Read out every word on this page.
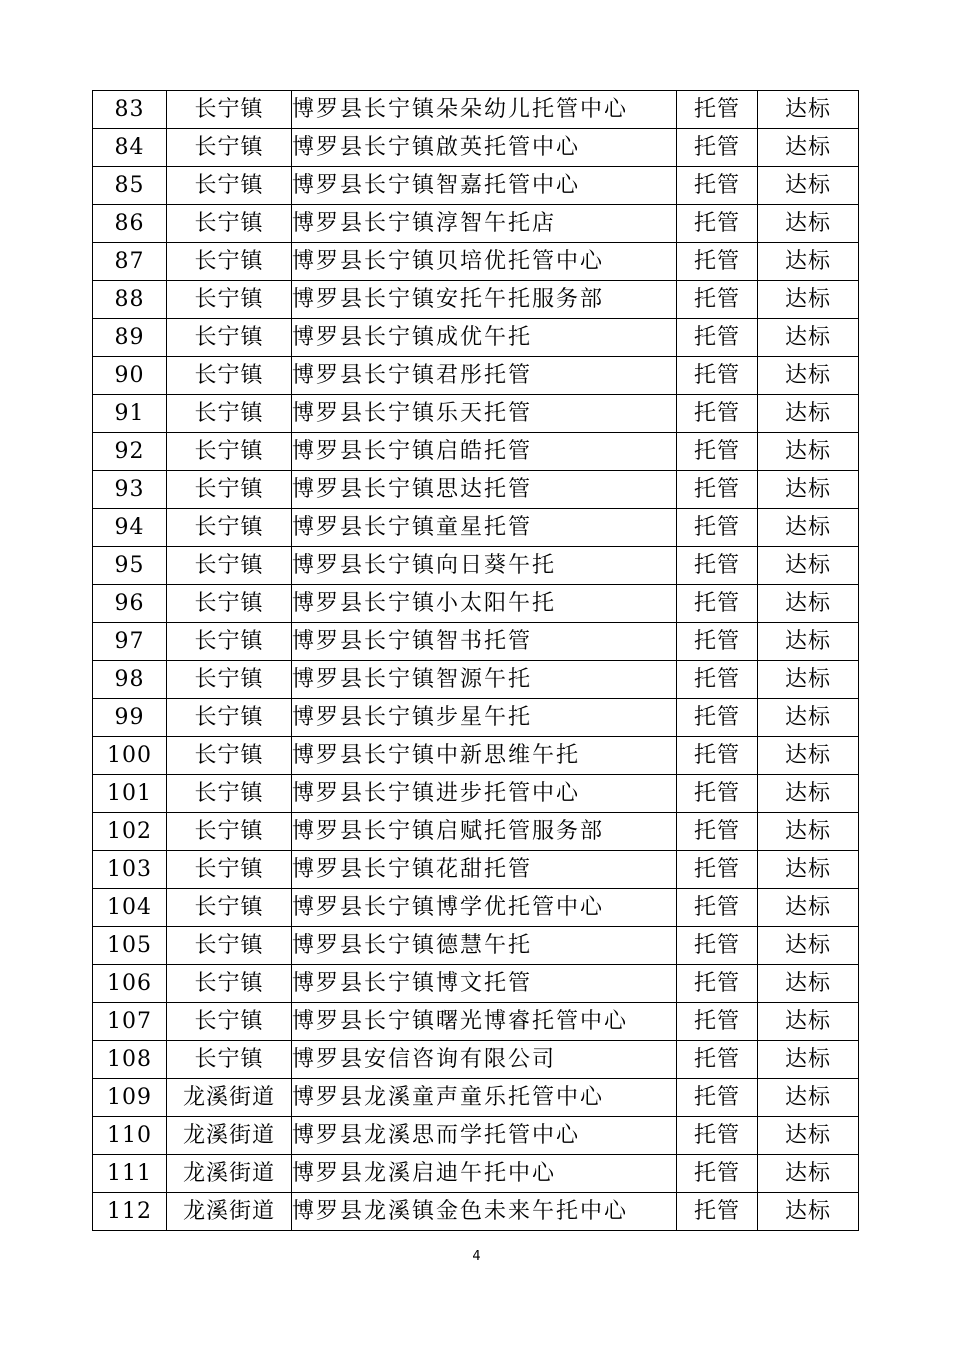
83	长宁镇	博罗县长宁镇朵朵幼儿托管中心	托管	达标
84	长宁镇	博罗县长宁镇啟英托管中心	托管	达标
85	长宁镇	博罗县长宁镇智嘉托管中心	托管	达标
86	长宁镇	博罗县长宁镇淳智午托店	托管	达标
87	长宁镇	博罗县长宁镇贝培优托管中心	托管	达标
88	长宁镇	博罗县长宁镇安托午托服务部	托管	达标
89	长宁镇	博罗县长宁镇成优午托	托管	达标
90	长宁镇	博罗县长宁镇君彤托管	托管	达标
91	长宁镇	博罗县长宁镇乐天托管	托管	达标
92	长宁镇	博罗县长宁镇启皓托管	托管	达标
93	长宁镇	博罗县长宁镇思达托管	托管	达标
94	长宁镇	博罗县长宁镇童星托管	托管	达标
95	长宁镇	博罗县长宁镇向日葵午托	托管	达标
96	长宁镇	博罗县长宁镇小太阳午托	托管	达标
97	长宁镇	博罗县长宁镇智书托管	托管	达标
98	长宁镇	博罗县长宁镇智源午托	托管	达标
99	长宁镇	博罗县长宁镇步星午托	托管	达标
100	长宁镇	博罗县长宁镇中新思维午托	托管	达标
101	长宁镇	博罗县长宁镇进步托管中心	托管	达标
102	长宁镇	博罗县长宁镇启赋托管服务部	托管	达标
103	长宁镇	博罗县长宁镇花甜托管	托管	达标
104	长宁镇	博罗县长宁镇博学优托管中心	托管	达标
105	长宁镇	博罗县长宁镇德慧午托	托管	达标
106	长宁镇	博罗县长宁镇博文托管	托管	达标
107	长宁镇	博罗县长宁镇曙光博睿托管中心	托管	达标
108	长宁镇	博罗县安信咨询有限公司	托管	达标
109	龙溪街道	博罗县龙溪童声童乐托管中心	托管	达标
110	龙溪街道	博罗县龙溪思而学托管中心	托管	达标
111	龙溪街道	博罗县龙溪启迪午托中心	托管	达标
112	龙溪街道	博罗县龙溪镇金色未来午托中心	托管	达标
4
